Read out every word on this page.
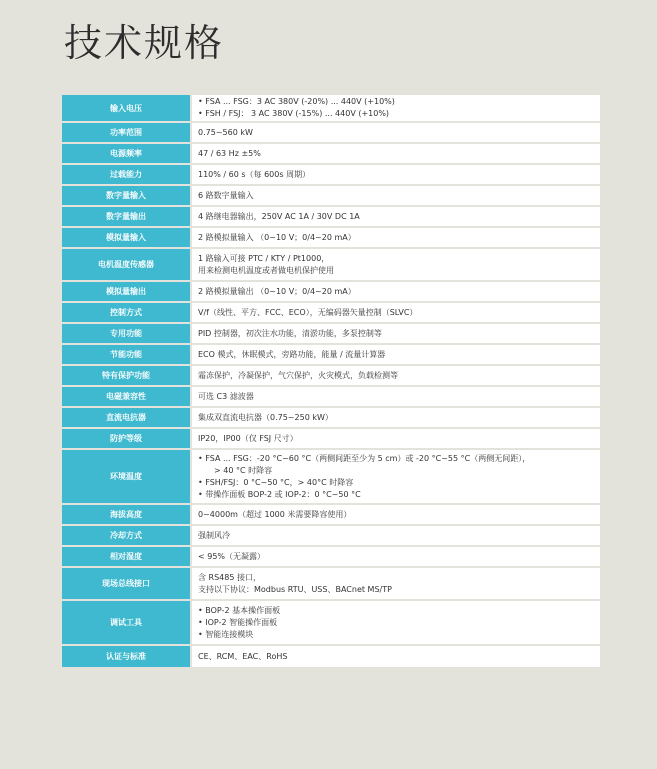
技术规格
输入电压	• FSA ... FSG：3 AC 380V (-20%) ... 440V (+10%)
• FSH / FSJ： 3 AC 380V (-15%) ... 440V (+10%)

功率范围	0.75~560 kW

电源频率	47 / 63 Hz ±5%

过载能力	110% / 60 s（每 600s 周期）

数字量输入	6 路数字量输入

数字量输出	4 路继电器输出，250V AC 1A / 30V DC 1A

模拟量输入	2 路模拟量输入 （0~10 V；0/4~20 mA）

电机温度传感器	1 路输入可接 PTC / KTY / Pt1000，
用来检测电机温度或者做电机保护使用

模拟量输出	2 路模拟量输出 （0~10 V；0/4~20 mA）

控制方式	V/f（线性、平方、FCC、ECO），无编码器矢量控制（SLVC）

专用功能	PID 控制器，初次注水功能，清淤功能，多泵控制等

节能功能	ECO 模式，休眠模式，旁路功能，能量 / 流量计算器

特有保护功能	霜冻保护，冷凝保护，气穴保护，火灾模式，负载检测等

电磁兼容性	可选 C3 滤波器

直流电抗器	集成双直流电抗器（0.75~250 kW）

防护等级	IP20，IP00（仅 FSJ 尺寸）

环境温度	• FSA ... FSG：-20 °C~60 °C（两侧间距至少为 5 cm）或 -20 °C~55 °C（两侧无间距），
> 40 °C 时降容
• FSH/FSJ：0 °C~50 °C，> 40°C 时降容
• 带操作面板 BOP-2 或 IOP-2：0 °C~50 °C

海拔高度	0~4000m（超过 1000 米需要降容使用）

冷却方式	强制风冷

相对湿度	< 95%（无凝露）

现场总线接口	含 RS485 接口，
支持以下协议：Modbus RTU、USS、BACnet MS/TP

调试工具	• BOP-2 基本操作面板
• IOP-2 智能操作面板
• 智能连接模块

认证与标准	CE、RCM、EAC、RoHS
